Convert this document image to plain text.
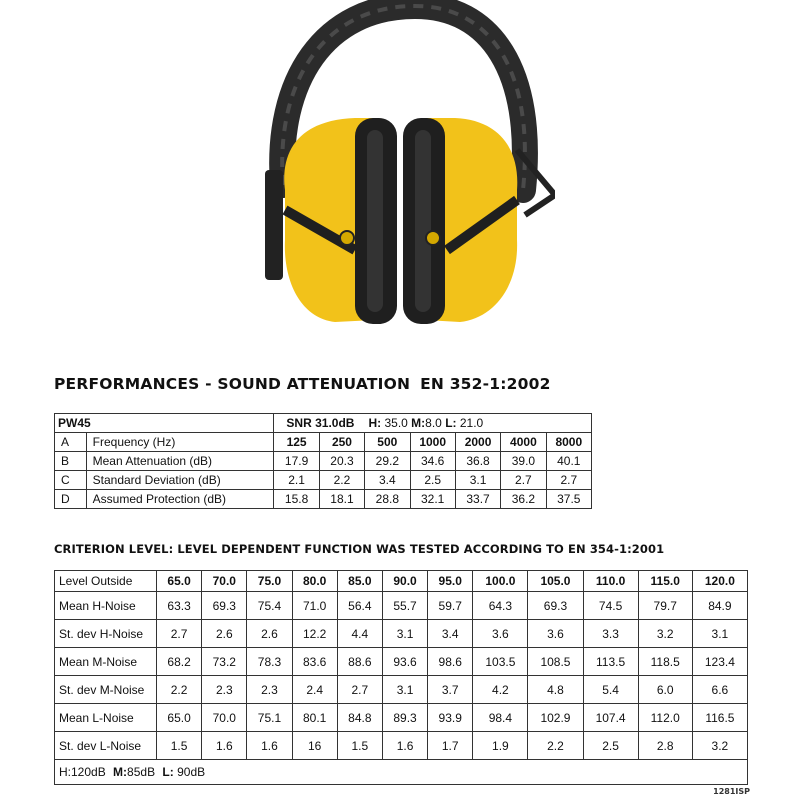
PERFORMANCES - SOUND ATTENUATION EN 352-1:2002
PW45		SNR 31.0dB H: 35.0 M:8.0 L: 21.0						
A	Frequency (Hz)	125	250	500	1000	2000	4000	8000
B	Mean Attenuation (dB)	17.9	20.3	29.2	34.6	36.8	39.0	40.1
C	Standard Deviation (dB)	2.1	2.2	3.4	2.5	3.1	2.7	2.7
D	Assumed Protection (dB)	15.8	18.1	28.8	32.1	33.7	36.2	37.5
CRITERION LEVEL: LEVEL DEPENDENT FUNCTION WAS TESTED ACCORDING TO EN 354-1:2001
Level Outside	65.0	70.0	75.0	80.0	85.0	90.0	95.0	100.0	105.0	110.0	115.0	120.0
Mean H-Noise	63.3	69.3	75.4	71.0	56.4	55.7	59.7	64.3	69.3	74.5	79.7	84.9
St. dev H-Noise	2.7	2.6	2.6	12.2	4.4	3.1	3.4	3.6	3.6	3.3	3.2	3.1
Mean M-Noise	68.2	73.2	78.3	83.6	88.6	93.6	98.6	103.5	108.5	113.5	118.5	123.4
St. dev M-Noise	2.2	2.3	2.3	2.4	2.7	3.1	3.7	4.2	4.8	5.4	6.0	6.6
Mean L-Noise	65.0	70.0	75.1	80.1	84.8	89.3	93.9	98.4	102.9	107.4	112.0	116.5
St. dev L-Noise	1.5	1.6	1.6	16	1.5	1.6	1.7	1.9	2.2	2.5	2.8	3.2
H:120dB M:85dB L: 90dB												
1281ISP
